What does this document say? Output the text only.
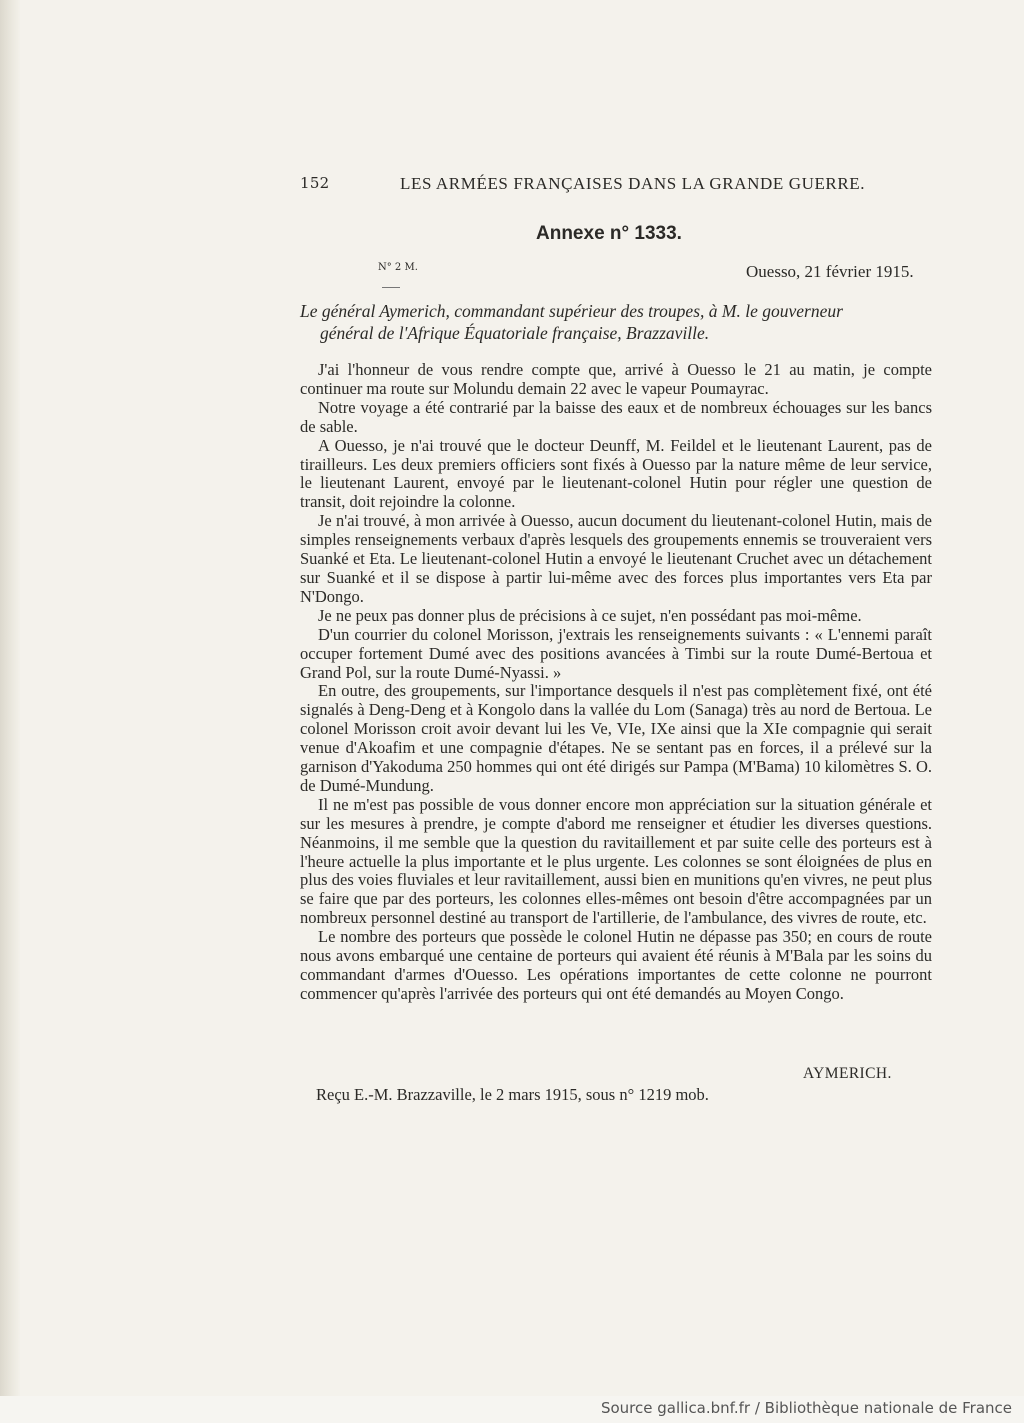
152	LES ARMÉES FRANÇAISES DANS LA GRANDE GUERRE.
Annexe n° 1333.
N° 2 M.	Ouesso, 21 février 1915.
Le général Aymerich, commandant supérieur des troupes, à M. le gouverneur
général de l'Afrique Équatoriale française, Brazzaville.

J'ai l'honneur de vous rendre compte que, arrivé à Ouesso le 21 au matin, je compte continuer ma route sur Molundu demain 22 avec le vapeur Poumayrac.

Notre voyage a été contrarié par la baisse des eaux et de nombreux échouages sur les bancs de sable.

A Ouesso, je n'ai trouvé que le docteur Deunff, M. Feildel et le lieutenant Laurent, pas de tirailleurs. Les deux premiers officiers sont fixés à Ouesso par la nature même de leur service, le lieutenant Laurent, envoyé par le lieutenant-colonel Hutin pour régler une question de transit, doit rejoindre la colonne.

Je n'ai trouvé, à mon arrivée à Ouesso, aucun document du lieutenant-colonel Hutin, mais de simples renseignements verbaux d'après lesquels des groupements ennemis se trouveraient vers Suanké et Eta. Le lieutenant-colonel Hutin a envoyé le lieutenant Cruchet avec un détachement sur Suanké et il se dispose à partir lui-même avec des forces plus importantes vers Eta par N'Dongo.

Je ne peux pas donner plus de précisions à ce sujet, n'en possédant pas moi-même.

D'un courrier du colonel Morisson, j'extrais les renseignements suivants : « L'ennemi paraît occuper fortement Dumé avec des positions avancées à Timbi sur la route Dumé-Bertoua et Grand Pol, sur la route Dumé-Nyassi. »

En outre, des groupements, sur l'importance desquels il n'est pas complètement fixé, ont été signalés à Deng-Deng et à Kongolo dans la vallée du Lom (Sanaga) très au nord de Bertoua. Le colonel Morisson croit avoir devant lui les Ve, VIe, IXe ainsi que la XIe compagnie qui serait venue d'Akoafim et une compagnie d'étapes. Ne se sentant pas en forces, il a prélevé sur la garnison d'Yakoduma 250 hommes qui ont été dirigés sur Pampa (M'Bama) 10 kilomètres S. O. de Dumé-Mundung.

Il ne m'est pas possible de vous donner encore mon appréciation sur la situation générale et sur les mesures à prendre, je compte d'abord me renseigner et étudier les diverses questions. Néanmoins, il me semble que la question du ravitaillement et par suite celle des porteurs est à l'heure actuelle la plus importante et le plus urgente. Les colonnes se sont éloignées de plus en plus des voies fluviales et leur ravitaillement, aussi bien en munitions qu'en vivres, ne peut plus se faire que par des porteurs, les colonnes elles-mêmes ont besoin d'être accompagnées par un nombreux personnel destiné au transport de l'artillerie, de l'ambulance, des vivres de route, etc.

Le nombre des porteurs que possède le colonel Hutin ne dépasse pas 350; en cours de route nous avons embarqué une centaine de porteurs qui avaient été réunis à M'Bala par les soins du commandant d'armes d'Ouesso. Les opérations importantes de cette colonne ne pourront commencer qu'après l'arrivée des porteurs qui ont été demandés au Moyen Congo.

AYMERICH.
Reçu E.-M. Brazzaville, le 2 mars 1915, sous n° 1219 mob.
Source gallica.bnf.fr / Bibliothèque nationale de France
